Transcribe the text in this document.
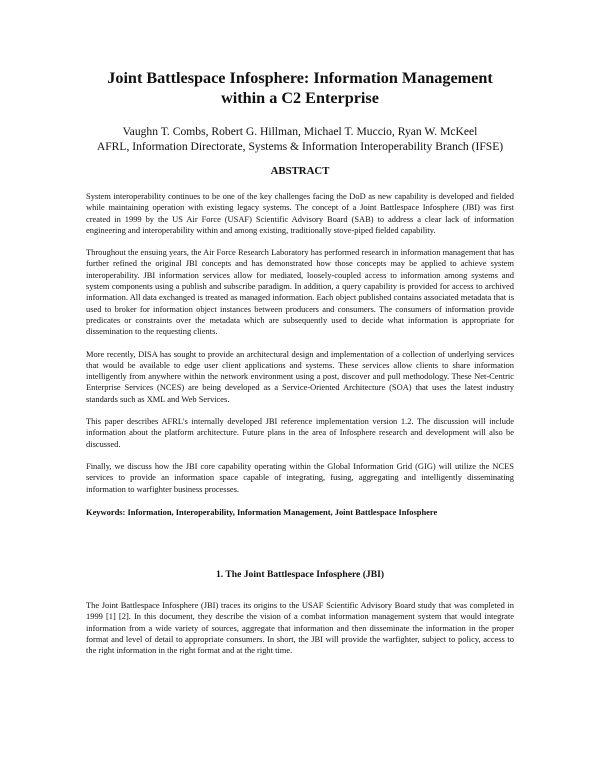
Joint Battlespace Infosphere: Information Management
within a C2 Enterprise
Vaughn T. Combs, Robert G. Hillman, Michael T. Muccio, Ryan W. McKeel
AFRL, Information Directorate, Systems & Information Interoperability Branch (IFSE)
ABSTRACT

System interoperability continues to be one of the key challenges facing the DoD as new capability is developed and fielded while maintaining operation with existing legacy systems. The concept of a Joint Battlespace Infosphere (JBI) was first created in 1999 by the US Air Force (USAF) Scientific Advisory Board (SAB) to address a clear lack of information engineering and interoperability within and among existing, traditionally stove-piped fielded capability.

Throughout the ensuing years, the Air Force Research Laboratory has performed research in information management that has further refined the original JBI concepts and has demonstrated how those concepts may be applied to achieve system interoperability. JBI information services allow for mediated, loosely-coupled access to information among systems and system components using a publish and subscribe paradigm. In addition, a query capability is provided for access to archived information. All data exchanged is treated as managed information. Each object published contains associated metadata that is used to broker for information object instances between producers and consumers. The consumers of information provide predicates or constraints over the metadata which are subsequently used to decide what information is appropriate for dissemination to the requesting clients.

More recently, DISA has sought to provide an architectural design and implementation of a collection of underlying services that would be available to edge user client applications and systems. These services allow clients to share information intelligently from anywhere within the network environment using a post, discover and pull methodology. These Net-Centric Enterprise Services (NCES) are being developed as a Service-Oriented Architecture (SOA) that uses the latest industry standards such as XML and Web Services.

This paper describes AFRL's internally developed JBI reference implementation version 1.2. The discussion will include information about the platform architecture. Future plans in the area of Infosphere research and development will also be discussed.

Finally, we discuss how the JBI core capability operating within the Global Information Grid (GIG) will utilize the NCES services to provide an information space capable of integrating, fusing, aggregating and intelligently disseminating information to warfighter business processes.

Keywords: Information, Interoperability, Information Management, Joint Battlespace Infosphere
1. The Joint Battlespace Infosphere (JBI)

The Joint Battlespace Infosphere (JBI) traces its origins to the USAF Scientific Advisory Board study that was completed in 1999 [1] [2]. In this document, they describe the vision of a combat information management system that would integrate information from a wide variety of sources, aggregate that information and then disseminate the information in the proper format and level of detail to appropriate consumers. In short, the JBI will provide the warfighter, subject to policy, access to the right information in the right format and at the right time.
